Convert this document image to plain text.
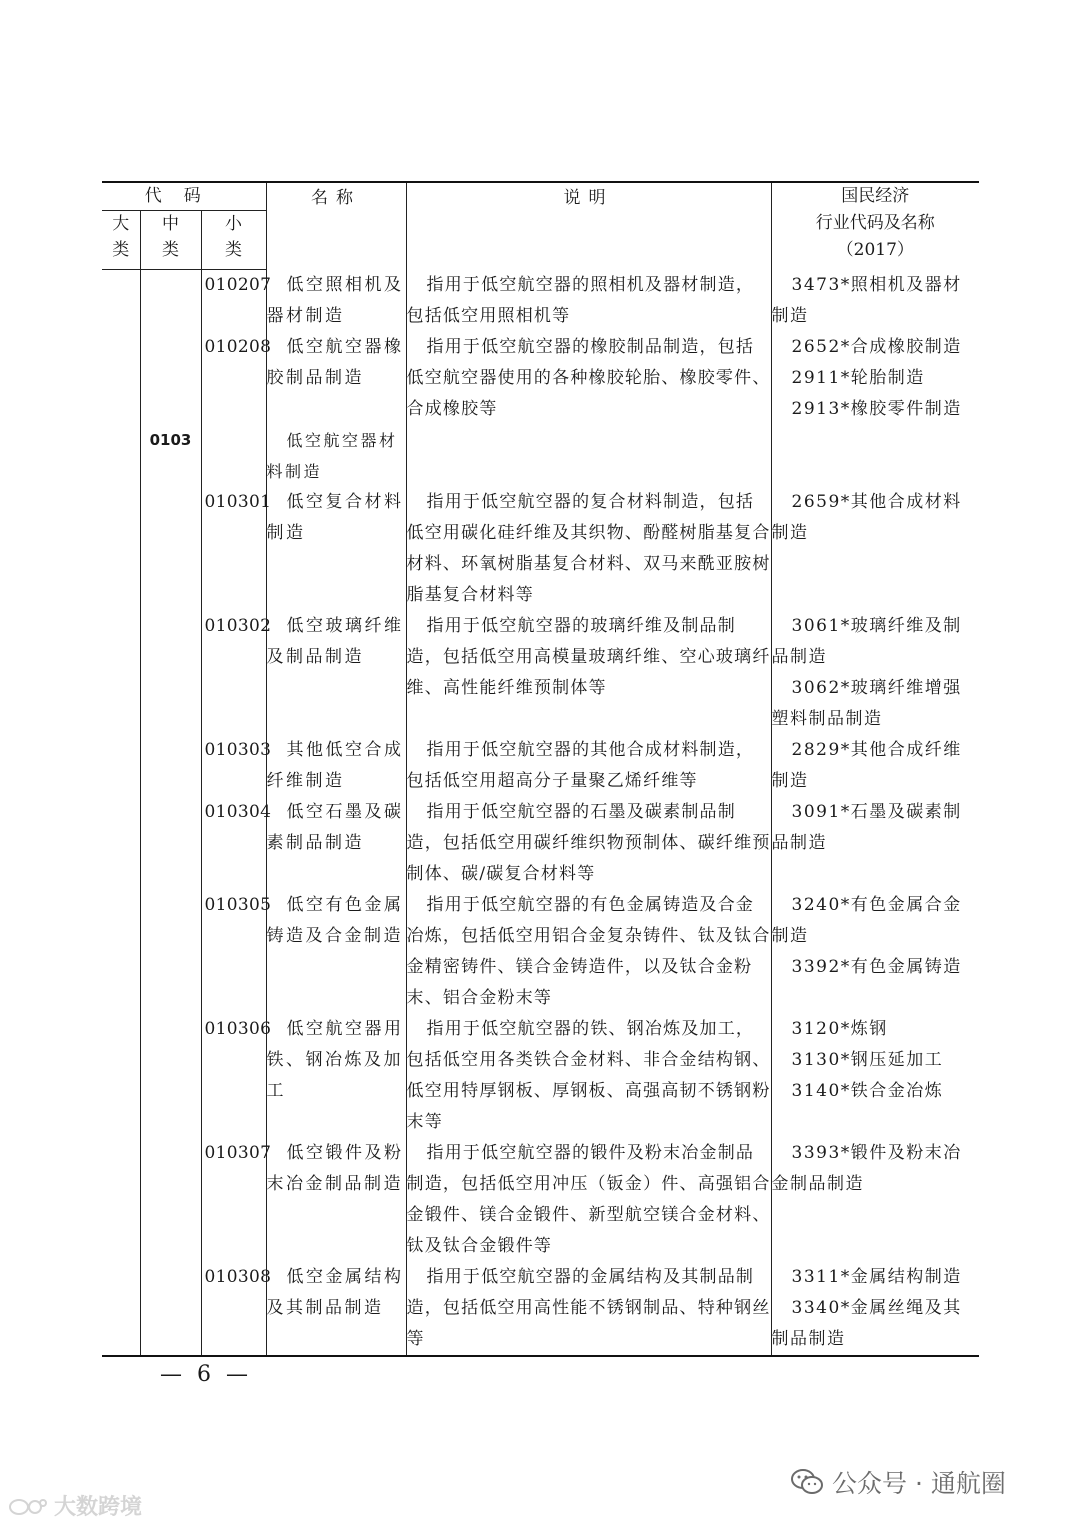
代码			名称	说明	国民经济
行业代码及名称
（2017）

大类	中类	小类			

		010207	低空照相机及器材制造	指用于低空航空器的照相机及器材制造，包括低空用照相机等	3473*照相机及器材制造
		010208	低空航空器橡胶制品制造	指用于低空航空器的橡胶制品制造，包括低空航空器使用的各种橡胶轮胎、橡胶零件、合成橡胶等	2652*合成橡胶制造
2911*轮胎制造
2913*橡胶零件制造

	0103		低空航空器材料制造		
		010301	低空复合材料制造	指用于低空航空器的复合材料制造，包括低空用碳化硅纤维及其织物、酚醛树脂基复合材料、环氧树脂基复合材料、双马来酰亚胺树脂基复合材料等	2659*其他合成材料制造
		010302	低空玻璃纤维及制品制造	指用于低空航空器的玻璃纤维及制品制造，包括低空用高模量玻璃纤维、空心玻璃纤维、高性能纤维预制体等	3061*玻璃纤维及制品制造
3062*玻璃纤维增强塑料制品制造

		010303	其他低空合成纤维制造	指用于低空航空器的其他合成材料制造，包括低空用超高分子量聚乙烯纤维等	2829*其他合成纤维制造
		010304	低空石墨及碳素制品制造	指用于低空航空器的石墨及碳素制品制造，包括低空用碳纤维织物预制体、碳纤维预制体、碳/碳复合材料等	3091*石墨及碳素制品制造
		010305	低空有色金属铸造及合金制造	指用于低空航空器的有色金属铸造及合金冶炼，包括低空用铝合金复杂铸件、钛及钛合金精密铸件、镁合金铸造件，以及钛合金粉末、铝合金粉末等	3240*有色金属合金制造
3392*有色金属铸造

		010306	低空航空器用铁、钢冶炼及加工	指用于低空航空器的铁、钢冶炼及加工，包括低空用各类铁合金材料、非合金结构钢、低空用特厚钢板、厚钢板、高强高韧不锈钢粉末等	3120*炼钢
3130*钢压延加工
3140*铁合金冶炼

		010307	低空锻件及粉末冶金制品制造	指用于低空航空器的锻件及粉末冶金制品制造，包括低空用冲压（钣金）件、高强铝合金锻件、镁合金锻件、新型航空镁合金材料、钛及钛合金锻件等	3393*锻件及粉末冶金制品制造
		010308	低空金属结构及其制品制造	指用于低空航空器的金属结构及其制品制造，包括低空用高性能不锈钢制品、特种钢丝等	3311*金属结构制造
3340*金属丝绳及其制品制造
— 6 —
大数跨境
公众号 · 通航圈
